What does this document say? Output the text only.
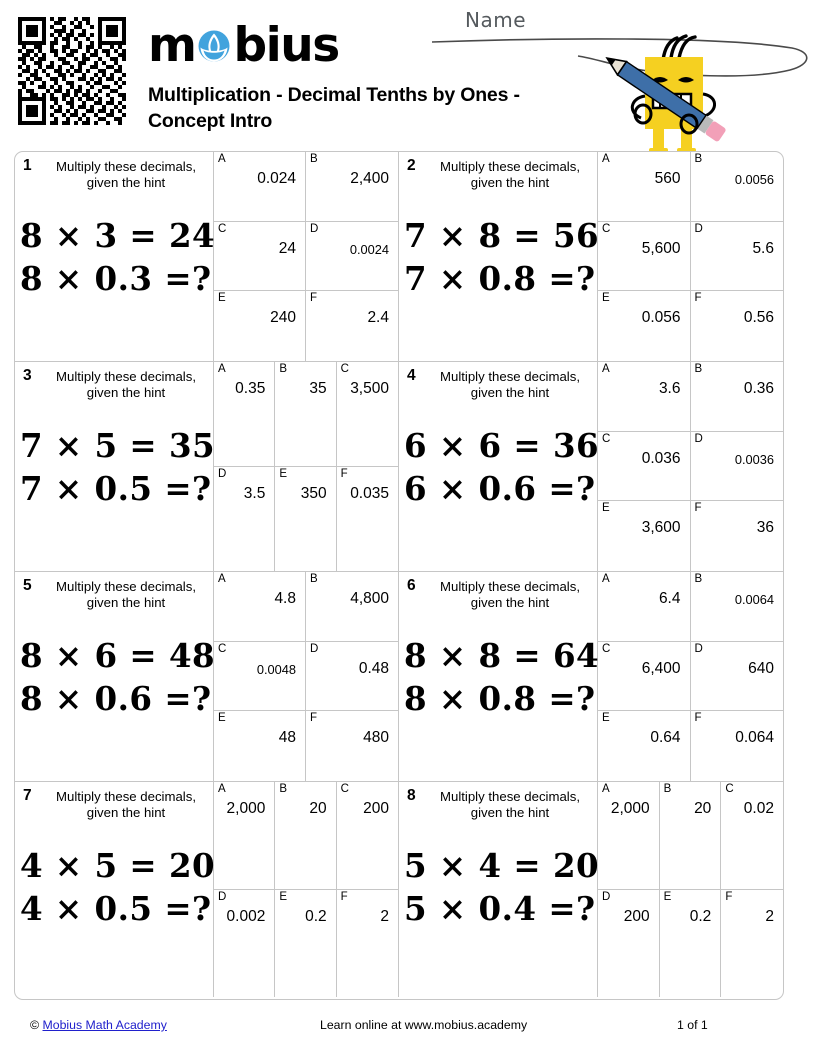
m bius
Multiplication - Decimal Tenths by Ones - Concept Intro
Name
1	Multiply these decimals, given the hint
8 × 3 = 24
8 × 0.3 =?
A
0.024
B
2,400
C
24
D
0.0024
E
240
F
2.4
2	Multiply these decimals, given the hint
7 × 8 = 56
7 × 0.8 =?
A
560
B
0.0056
C
5,600
D
5.6
E
0.056
F
0.56
3	Multiply these decimals, given the hint
7 × 5 = 35
7 × 0.5 =?
A
0.35
B
35
C
3,500
D
3.5
E
350
F
0.035
4	Multiply these decimals, given the hint
6 × 6 = 36
6 × 0.6 =?
A
3.6
B
0.36
C
0.036
D
0.0036
E
3,600
F
36
5	Multiply these decimals, given the hint
8 × 6 = 48
8 × 0.6 =?
A
4.8
B
4,800
C
0.0048
D
0.48
E
48
F
480
6	Multiply these decimals, given the hint
8 × 8 = 64
8 × 0.8 =?
A
6.4
B
0.0064
C
6,400
D
640
E
0.64
F
0.064
7	Multiply these decimals, given the hint
4 × 5 = 20
4 × 0.5 =?
A
2,000
B
20
C
200
D
0.002
E
0.2
F
2
8	Multiply these decimals, given the hint
5 × 4 = 20
5 × 0.4 =?
A
2,000
B
20
C
0.02
D
200
E
0.2
F
2
© Mobius Math Academy	Learn online at www.mobius.academy	1 of 1
